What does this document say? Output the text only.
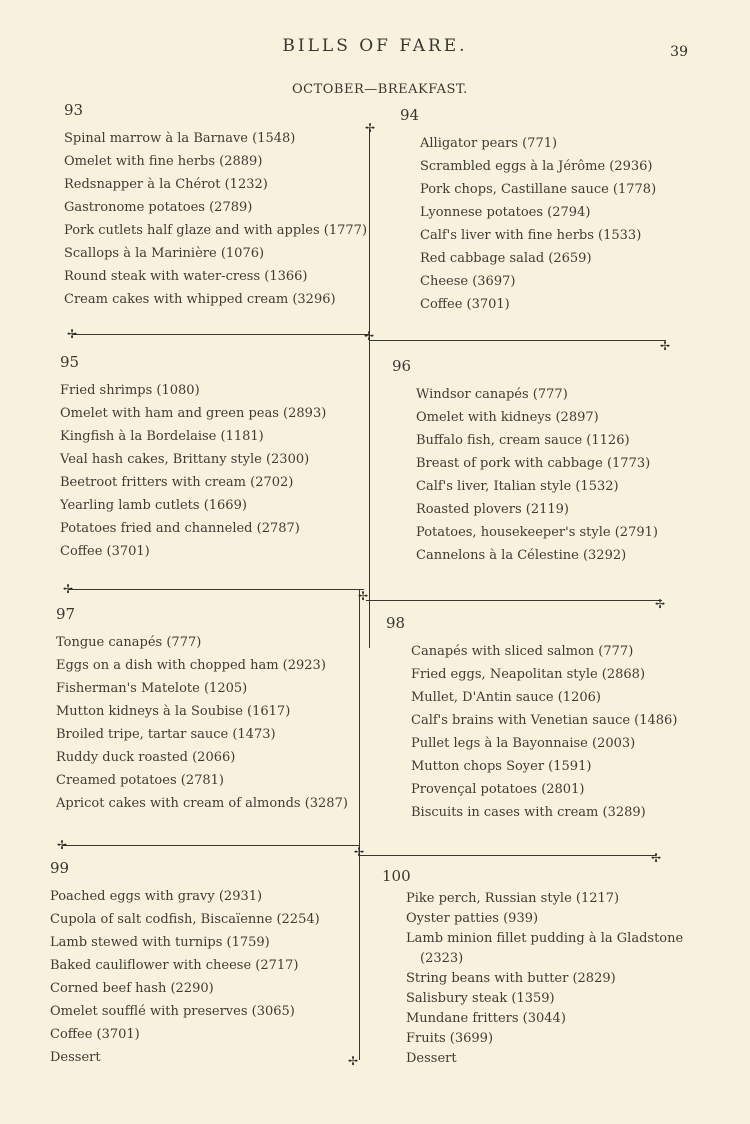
BILLS OF FARE.	39
OCTOBER—BREAKFAST.
✢
✢	✢
✢
✢	✢
✢
✢	✢	✢
✢
93
Spinal marrow à la Barnave (1548)
Omelet with fine herbs (2889)
Redsnapper à la Chérot (1232)
Gastronome potatoes (2789)
Pork cutlets half glaze and with apples (1777)
Scallops à la Marinière (1076)
Round steak with water-cress (1366)
Cream cakes with whipped cream (3296)
94
Alligator pears (771)
Scrambled eggs à la Jérôme (2936)
Pork chops, Castillane sauce (1778)
Lyonnese potatoes (2794)
Calf's liver with fine herbs (1533)
Red cabbage salad (2659)
Cheese (3697)
Coffee (3701)
95
Fried shrimps (1080)
Omelet with ham and green peas (2893)
Kingfish à la Bordelaise (1181)
Veal hash cakes, Brittany style (2300)
Beetroot fritters with cream (2702)
Yearling lamb cutlets (1669)
Potatoes fried and channeled (2787)
Coffee (3701)
96
Windsor canapés (777)
Omelet with kidneys (2897)
Buffalo fish, cream sauce (1126)
Breast of pork with cabbage (1773)
Calf's liver, Italian style (1532)
Roasted plovers (2119)
Potatoes, housekeeper's style (2791)
Cannelons à la Célestine (3292)
97
Tongue canapés (777)
Eggs on a dish with chopped ham (2923)
Fisherman's Matelote (1205)
Mutton kidneys à la Soubise (1617)
Broiled tripe, tartar sauce (1473)
Ruddy duck roasted (2066)
Creamed potatoes (2781)
Apricot cakes with cream of almonds (3287)
98
Canapés with sliced salmon (777)
Fried eggs, Neapolitan style (2868)
Mullet, D'Antin sauce (1206)
Calf's brains with Venetian sauce (1486)
Pullet legs à la Bayonnaise (2003)
Mutton chops Soyer (1591)
Provençal potatoes (2801)
Biscuits in cases with cream (3289)
99
Poached eggs with gravy (2931)
Cupola of salt codfish, Biscaïenne (2254)
Lamb stewed with turnips (1759)
Baked cauliflower with cheese (2717)
Corned beef hash (2290)
Omelet soufflé with preserves (3065)
Coffee (3701)
Dessert
100
Pike perch, Russian style (1217)
Oyster patties (939)
Lamb minion fillet pudding à la Gladstone
(2323)
String beans with butter (2829)
Salisbury steak (1359)
Mundane fritters (3044)
Fruits (3699)
Dessert
